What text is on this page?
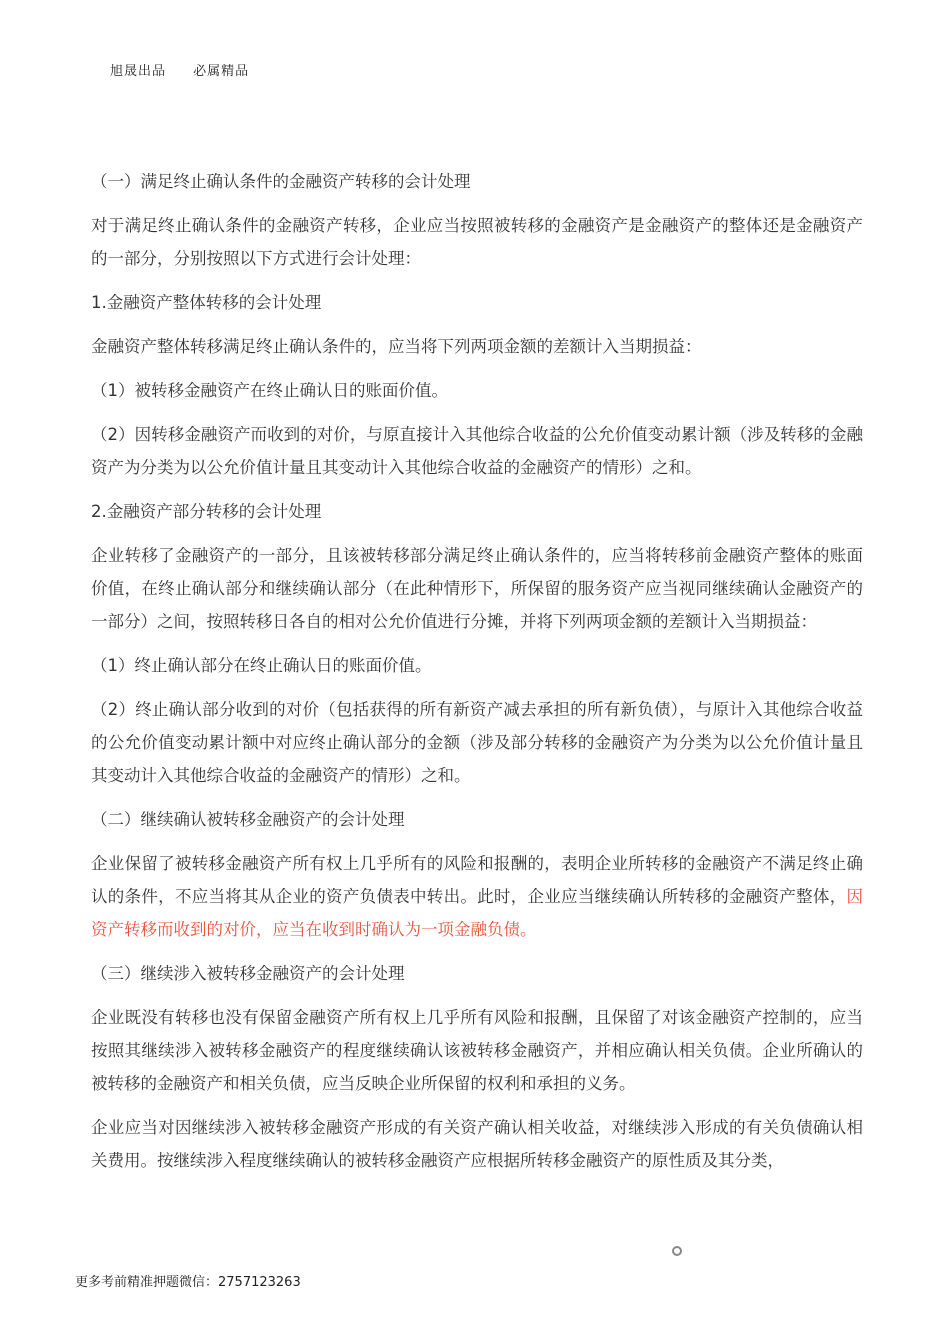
旭晟出品 必属精品

（一）满足终止确认条件的金融资产转移的会计处理

对于满足终止确认条件的金融资产转移，企业应当按照被转移的金融资产是金融资产的整体还是金融资产的一部分，分别按照以下方式进行会计处理：

1.金融资产整体转移的会计处理

金融资产整体转移满足终止确认条件的，应当将下列两项金额的差额计入当期损益：

（1）被转移金融资产在终止确认日的账面价值。

（2）因转移金融资产而收到的对价，与原直接计入其他综合收益的公允价值变动累计额（涉及转移的金融资产为分类为以公允价值计量且其变动计入其他综合收益的金融资产的情形）之和。

2.金融资产部分转移的会计处理

企业转移了金融资产的一部分，且该被转移部分满足终止确认条件的，应当将转移前金融资产整体的账面价值，在终止确认部分和继续确认部分（在此种情形下，所保留的服务资产应当视同继续确认金融资产的一部分）之间，按照转移日各自的相对公允价值进行分摊，并将下列两项金额的差额计入当期损益：

（1）终止确认部分在终止确认日的账面价值。

（2）终止确认部分收到的对价（包括获得的所有新资产减去承担的所有新负债），与原计入其他综合收益的公允价值变动累计额中对应终止确认部分的金额（涉及部分转移的金融资产为分类为以公允价值计量且其变动计入其他综合收益的金融资产的情形）之和。

（二）继续确认被转移金融资产的会计处理

企业保留了被转移金融资产所有权上几乎所有的风险和报酬的，表明企业所转移的金融资产不满足终止确认的条件，不应当将其从企业的资产负债表中转出。此时，企业应当继续确认所转移的金融资产整体，因资产转移而收到的对价，应当在收到时确认为一项金融负债。

（三）继续涉入被转移金融资产的会计处理

企业既没有转移也没有保留金融资产所有权上几乎所有风险和报酬，且保留了对该金融资产控制的，应当按照其继续涉入被转移金融资产的程度继续确认该被转移金融资产，并相应确认相关负债。企业所确认的被转移的金融资产和相关负债，应当反映企业所保留的权利和承担的义务。

企业应当对因继续涉入被转移金融资产形成的有关资产确认相关收益，对继续涉入形成的有关负债确认相关费用。按继续涉入程度继续确认的被转移金融资产应根据所转移金融资产的原性质及其分类，

更多考前精准押题微信：2757123263
